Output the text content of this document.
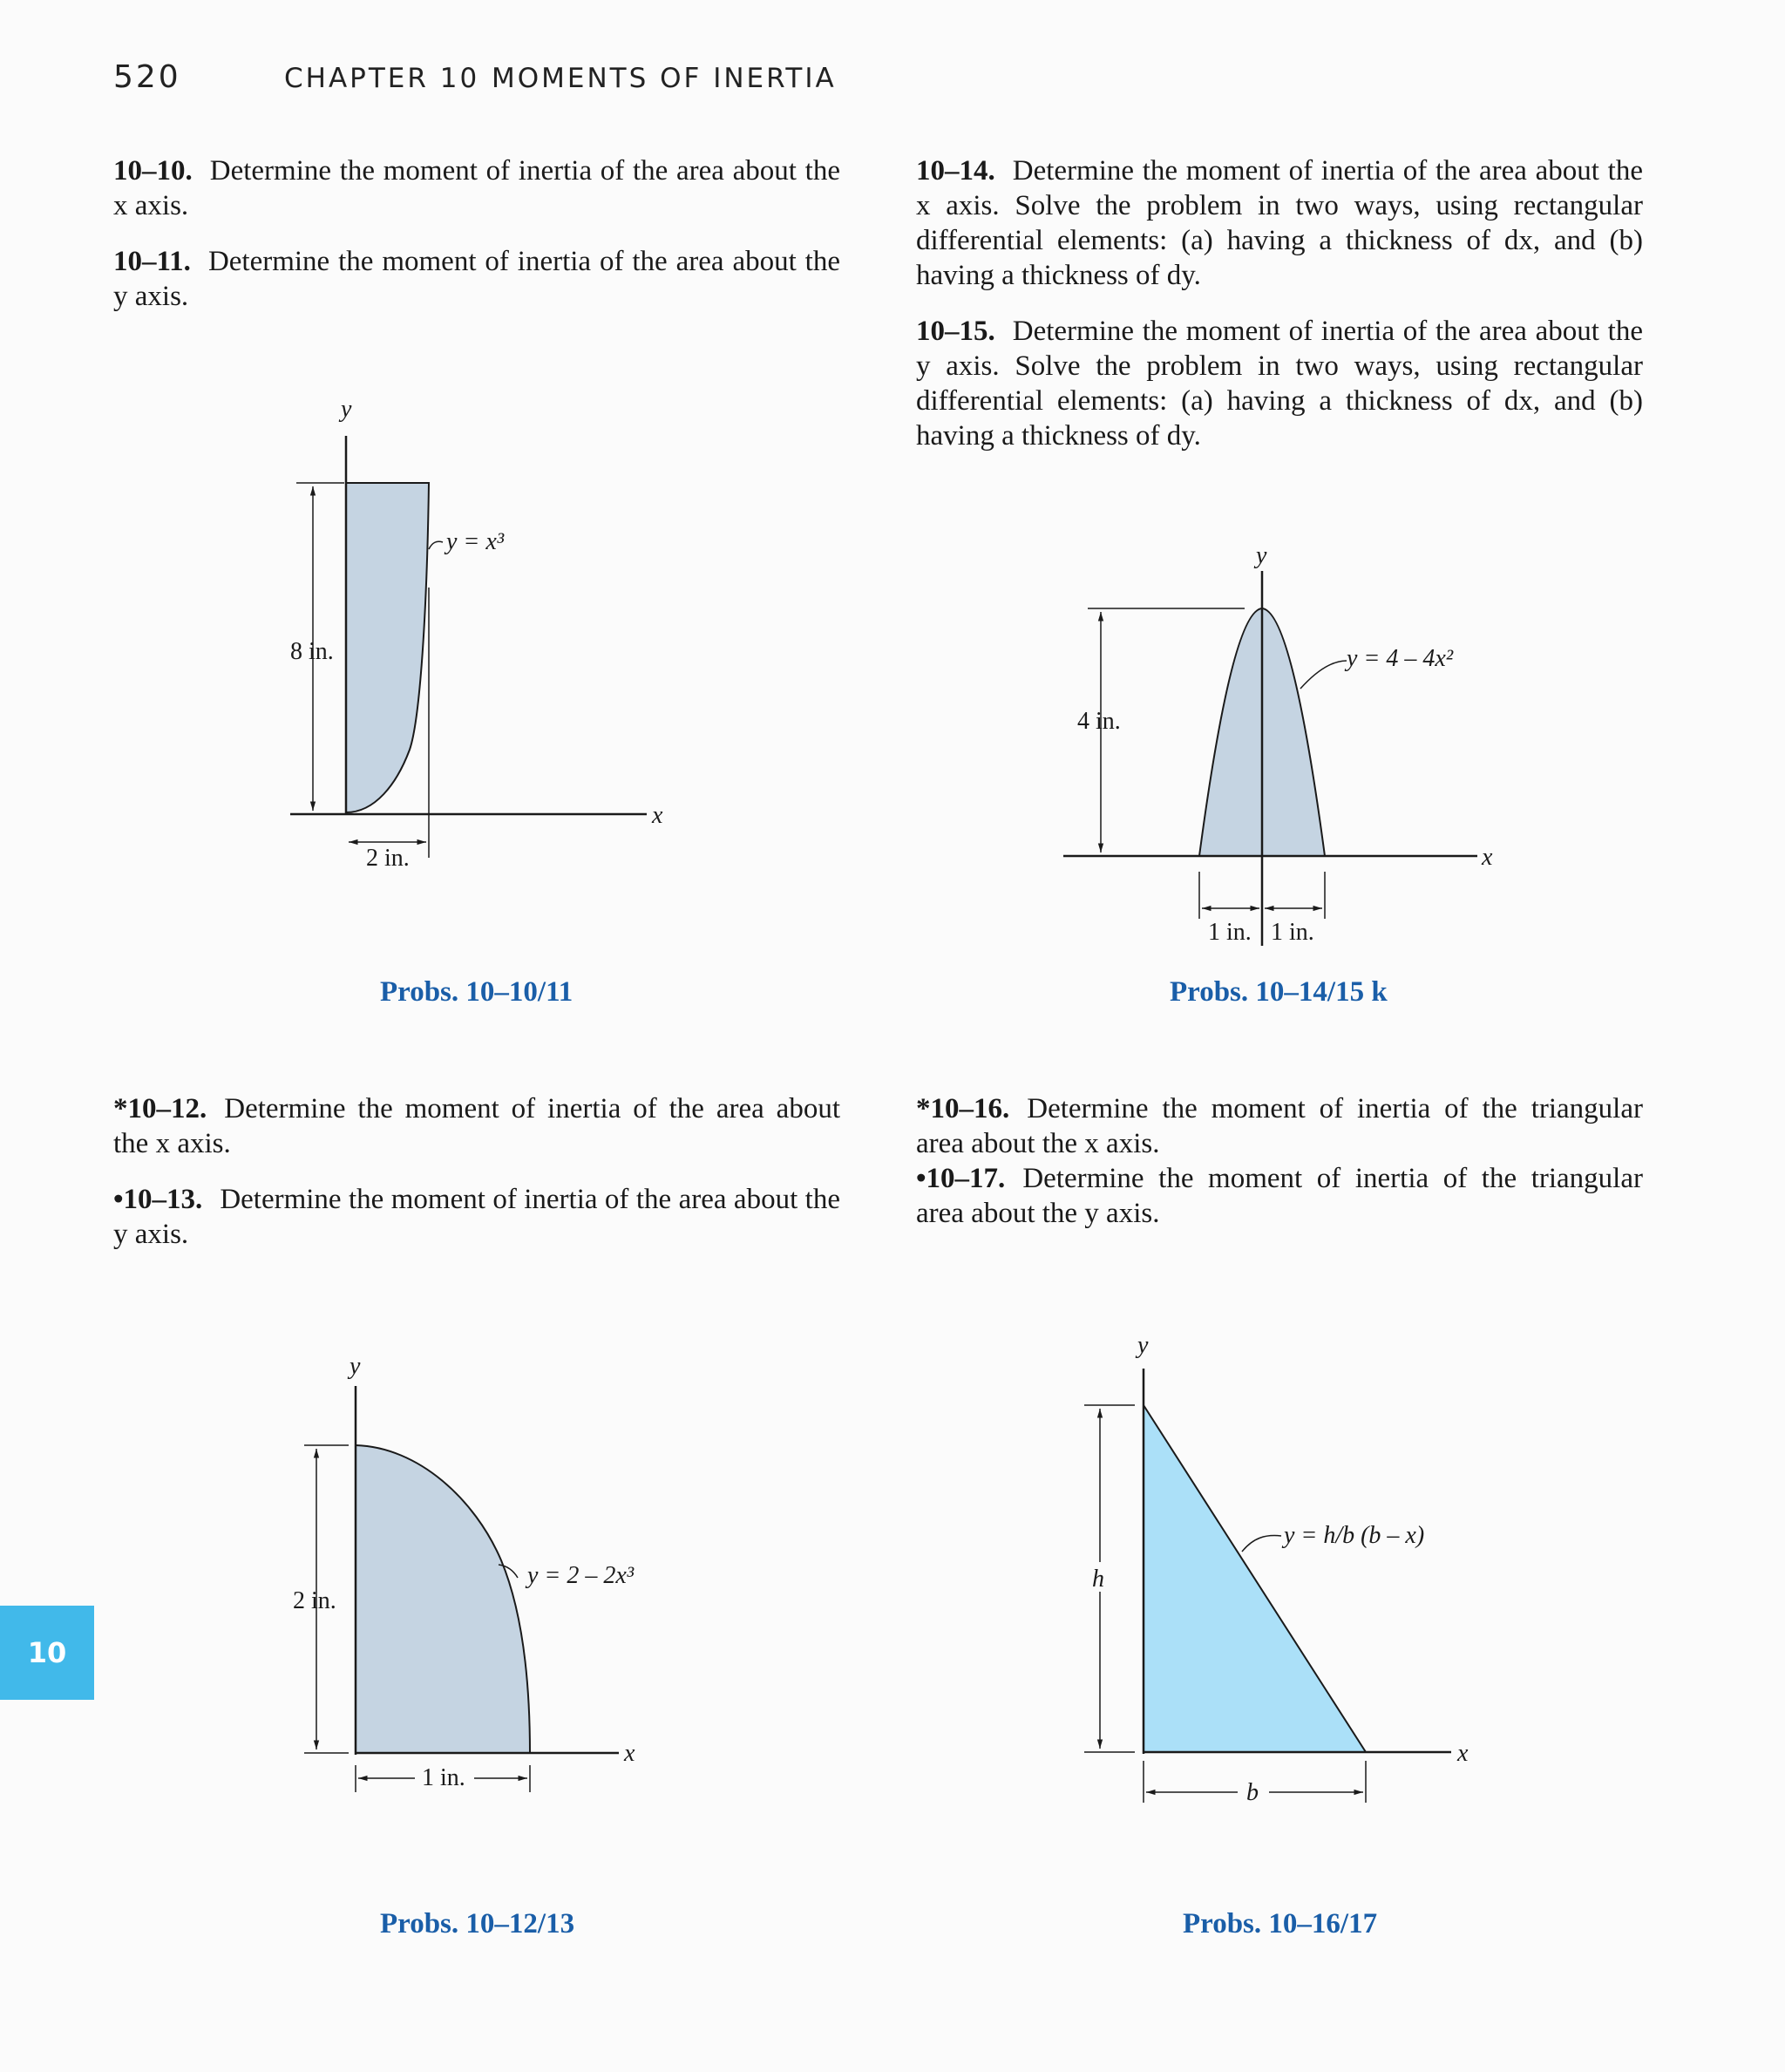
520	CHAPTER 10 MOMENTS OF INERTIA

10–10. Determine the moment of inertia of the area about the x axis.

10–11. Determine the moment of inertia of the area about the y axis.

10–14. Determine the moment of inertia of the area about the x axis. Solve the problem in two ways, using rectangular differential elements: (a) having a thickness of dx, and (b) having a thickness of dy.

10–15. Determine the moment of inertia of the area about the y axis. Solve the problem in two ways, using rectangular differential elements: (a) having a thickness of dx, and (b) having a thickness of dy.

*10–12. Determine the moment of inertia of the area about the x axis.

•10–13. Determine the moment of inertia of the area about the y axis.

*10–16. Determine the moment of inertia of the triangular area about the x axis.

•10–17. Determine the moment of inertia of the triangular area about the y axis.

y
x
8 in.
2 in.
y = x³
y
x
4 in.
1 in. 1 in.
y = 4 – 4x²
y
x
2 in.
1 in.
y = 2 – 2x³
y
x
h
b
y = h/b (b – x)
Probs. 10–10/11	Probs. 10–14/15 k
Probs. 10–12/13	Probs. 10–16/17
10
